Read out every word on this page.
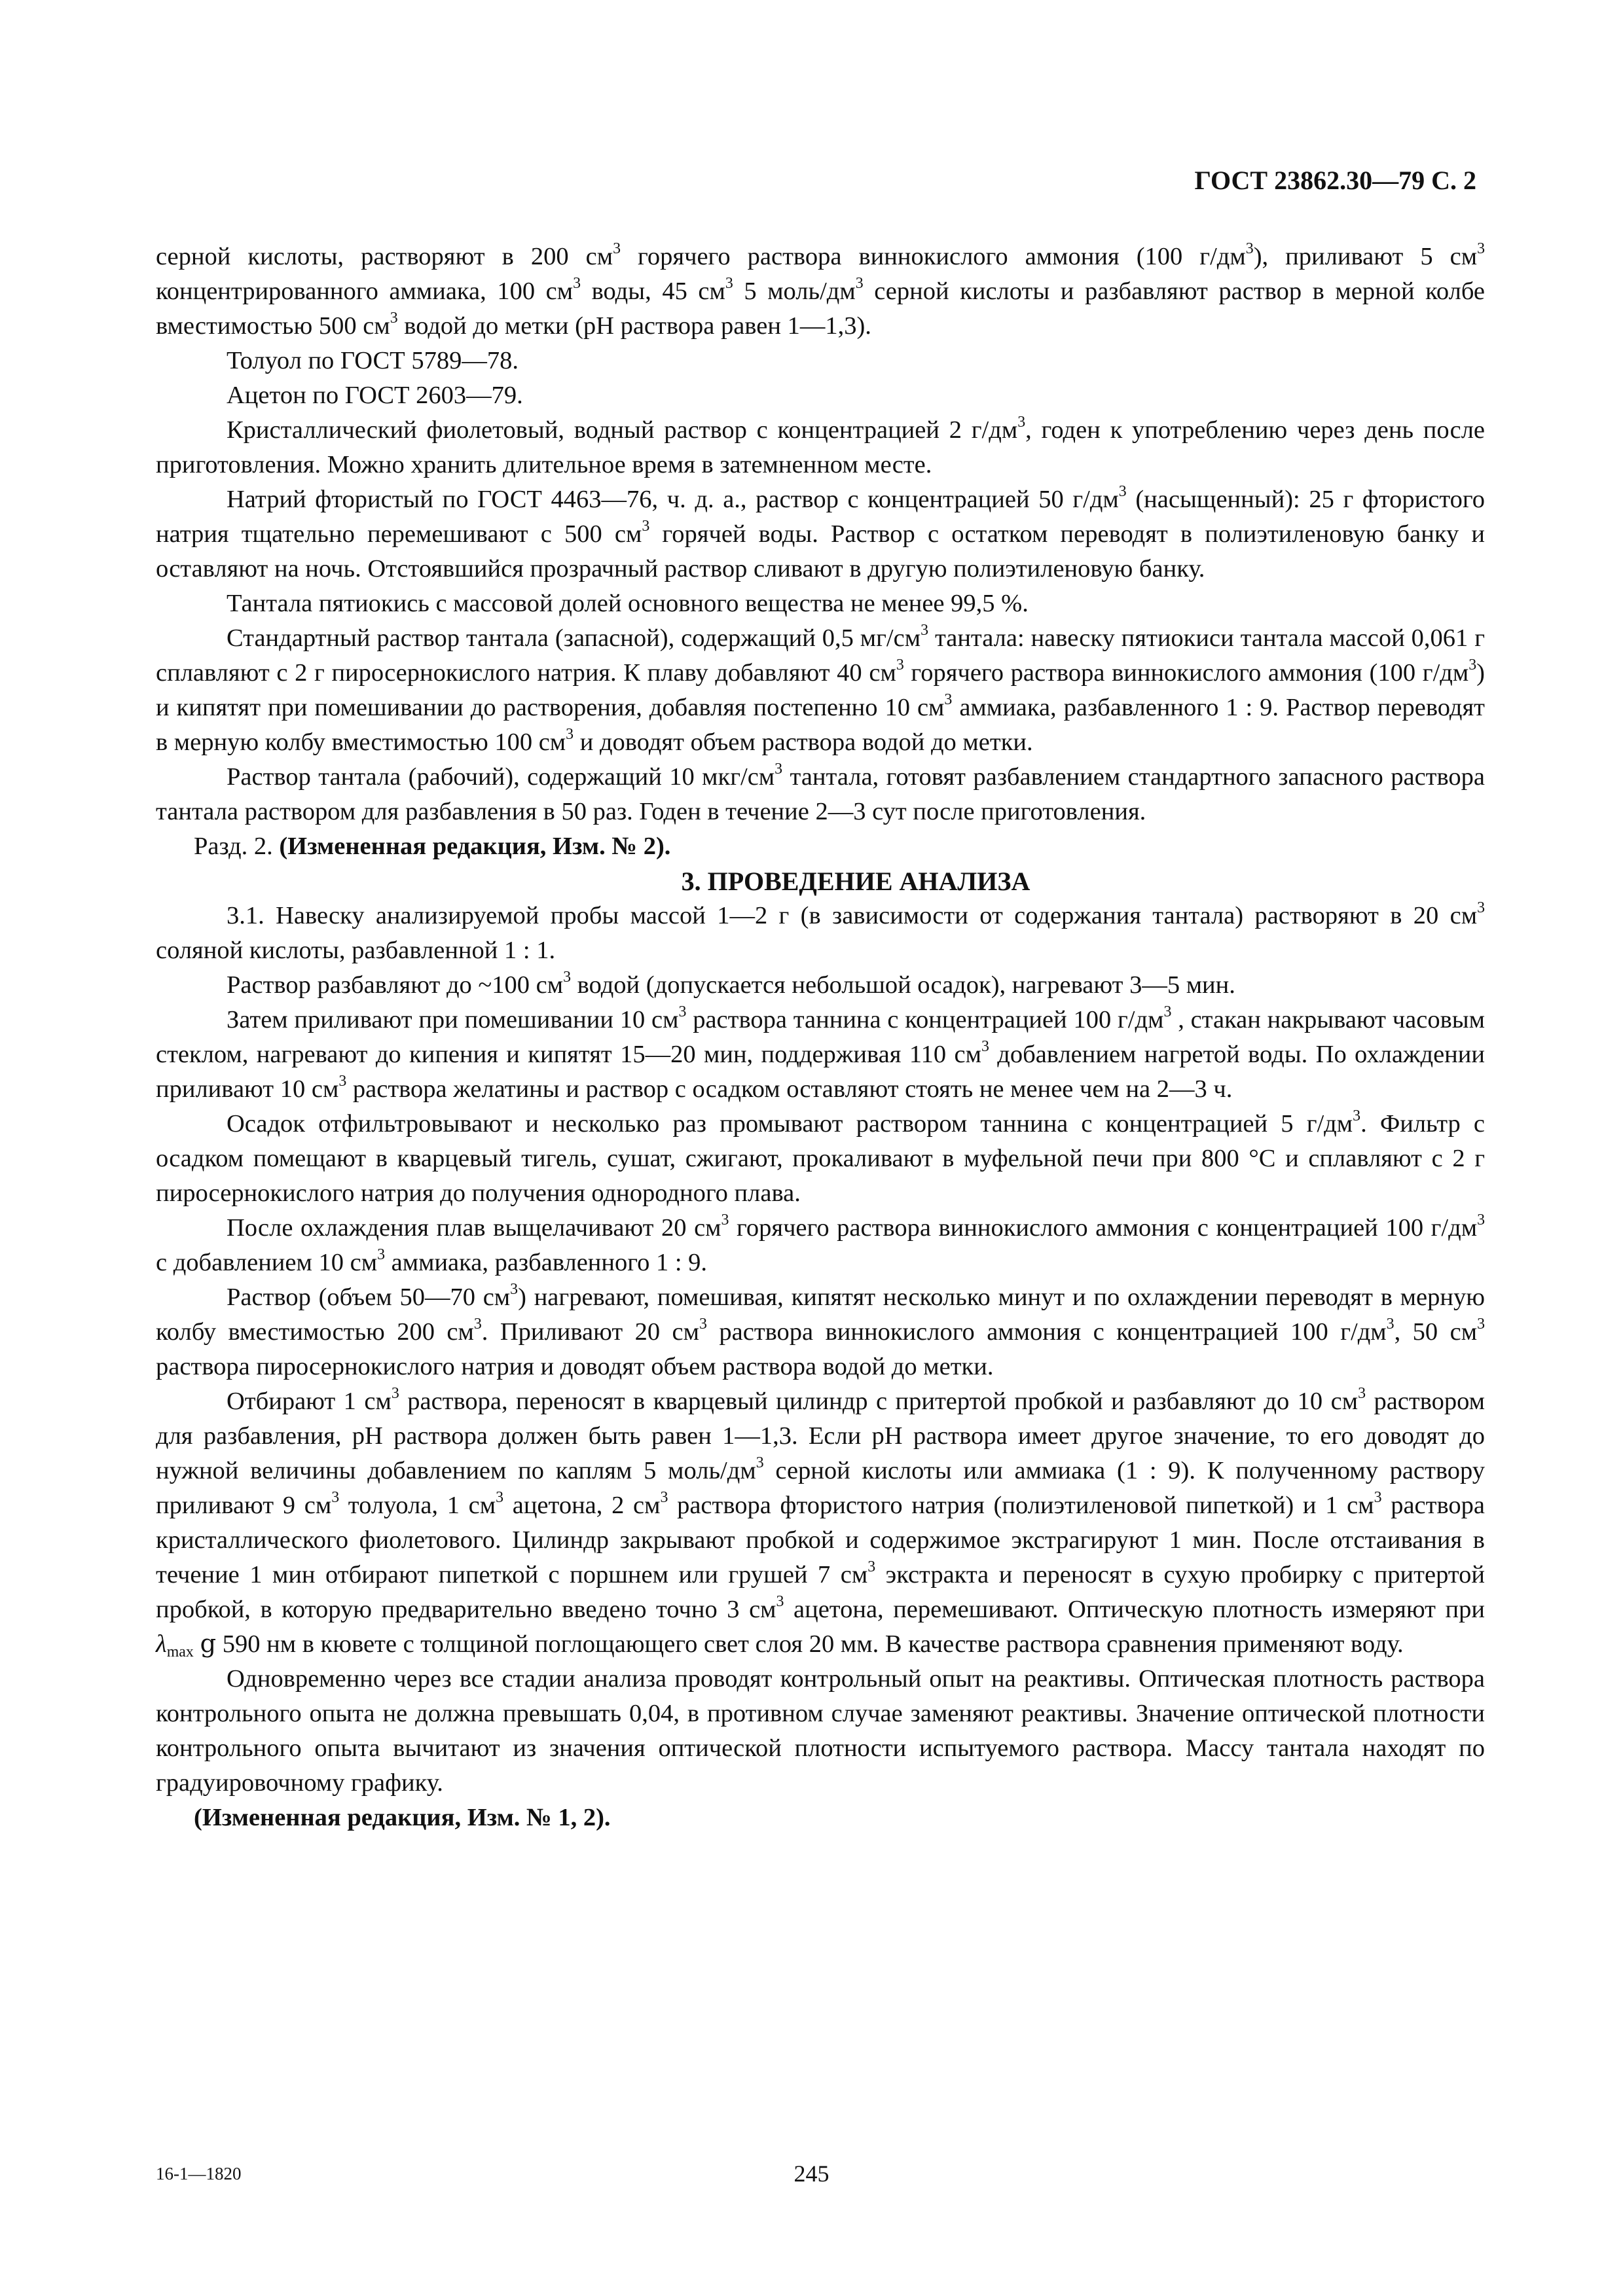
ГОСТ 23862.30—79 С. 2

серной кислоты, растворяют в 200 $см^3$ горячего раствора виннокислого аммония (100 $г/дм^3$), приливают 5 $см^3$ концентрированного аммиака, 100 $см^3$ воды, 45 $см^3$ 5 моль/$дм^3$ серной кислоты и разбавляют раствор в мерной колбе вместимостью 500 $см^3$ водой до метки (pH раствора равен 1—1,3).

Толуол по ГОСТ 5789—78.

Ацетон по ГОСТ 2603—79.

Кристаллический фиолетовый, водный раствор с концентрацией 2 $г/дм^3$, годен к употреблению через день после приготовления. Можно хранить длительное время в затемненном месте.

Натрий фтористый по ГОСТ 4463—76, ч. д. а., раствор с концентрацией 50 $г/дм^3$ (насыщенный): 25 г фтористого натрия тщательно перемешивают с 500 $см^3$ горячей воды. Раствор с остатком переводят в полиэтиленовую банку и оставляют на ночь. Отстоявшийся прозрачный раствор сливают в другую полиэтиленовую банку.

Тантала пятиокись с массовой долей основного вещества не менее 99,5 %.

Стандартный раствор тантала (запасной), содержащий 0,5 $мг/см^3$ тантала: навеску пятиокиси тантала массой 0,061 г сплавляют с 2 г пиросернокислого натрия. К плаву добавляют 40 $см^3$ горячего раствора виннокислого аммония (100 $г/дм^3$) и кипятят при помешивании до растворения, добавляя постепенно 10 $см^3$ аммиака, разбавленного 1 : 9. Раствор переводят в мерную колбу вместимостью 100 $см^3$ и доводят объем раствора водой до метки.

Раствор тантала (рабочий), содержащий 10 мкг/$см^3$ тантала, готовят разбавлением стандартного запасного раствора тантала раствором для разбавления в 50 раз. Годен в течение 2—3 сут после приготовления.

Разд. 2. (Измененная редакция, Изм. № 2).

3. ПРОВЕДЕНИЕ АНАЛИЗА

3.1. Навеску анализируемой пробы массой 1—2 г (в зависимости от содержания тантала) растворяют в 20 $см^3$ соляной кислоты, разбавленной 1 : 1.

Раствор разбавляют до ~100 $см^3$ водой (допускается небольшой осадок), нагревают 3—5 мин.

Затем приливают при помешивании 10 $см^3$ раствора таннина с концентрацией 100 $г/дм^3$ , стакан накрывают часовым стеклом, нагревают до кипения и кипятят 15—20 мин, поддерживая 110 $см^3$ добавлением нагретой воды. По охлаждении приливают 10 $см^3$ раствора желатины и раствор с осадком оставляют стоять не менее чем на 2—3 ч.

Осадок отфильтровывают и несколько раз промывают раствором таннина с концентрацией 5 $г/дм^3$. Фильтр с осадком помещают в кварцевый тигель, сушат, сжигают, прокаливают в муфельной печи при 800 °С и сплавляют с 2 г пиросернокислого натрия до получения однородного плава.

После охлаждения плав выщелачивают 20 $см^3$ горячего раствора виннокислого аммония с концентрацией 100 $г/дм^3$ с добавлением 10 $см^3$ аммиака, разбавленного 1 : 9.

Раствор (объем 50—70 $см^3$) нагревают, помешивая, кипятят несколько минут и по охлаждении переводят в мерную колбу вместимостью 200 $см^3$. Приливают 20 $см^3$ раствора виннокислого аммония с концентрацией 100 $г/дм^3$, 50 $см^3$ раствора пиросернокислого натрия и доводят объем раствора водой до метки.

Отбирают 1 $см^3$ раствора, переносят в кварцевый цилиндр с притертой пробкой и разбавляют до 10 $см^3$ раствором для разбавления, pH раствора должен быть равен 1—1,3. Если pH раствора имеет другое значение, то его доводят до нужной величины добавлением по каплям 5 моль/$дм^3$ серной кислоты или аммиака (1 : 9). К полученному раствору приливают 9 $см^3$ толуола, 1 $см^3$ ацетона, 2 $см^3$ раствора фтористого натрия (полиэтиленовой пипеткой) и 1 $см^3$ раствора кристаллического фиолетового. Цилиндр закрывают пробкой и содержимое экстрагируют 1 мин. После отстаивания в течение 1 мин отбирают пипеткой с поршнем или грушей 7 $см^3$ экстракта и переносят в сухую пробирку с притертой пробкой, в которую предварительно введено точно 3 $см^3$ ацетона, перемешивают. Оптическую плотность измеряют при $\lambda_{max}$ ց 590 нм в кювете с толщиной поглощающего свет слоя 20 мм. В качестве раствора сравнения применяют воду.

Одновременно через все стадии анализа проводят контрольный опыт на реактивы. Оптическая плотность раствора контрольного опыта не должна превышать 0,04, в противном случае заменяют реактивы. Значение оптической плотности контрольного опыта вычитают из значения оптической плотности испытуемого раствора. Массу тантала находят по градуировочному графику.

(Измененная редакция, Изм. № 1, 2).

16-1—1820	245
